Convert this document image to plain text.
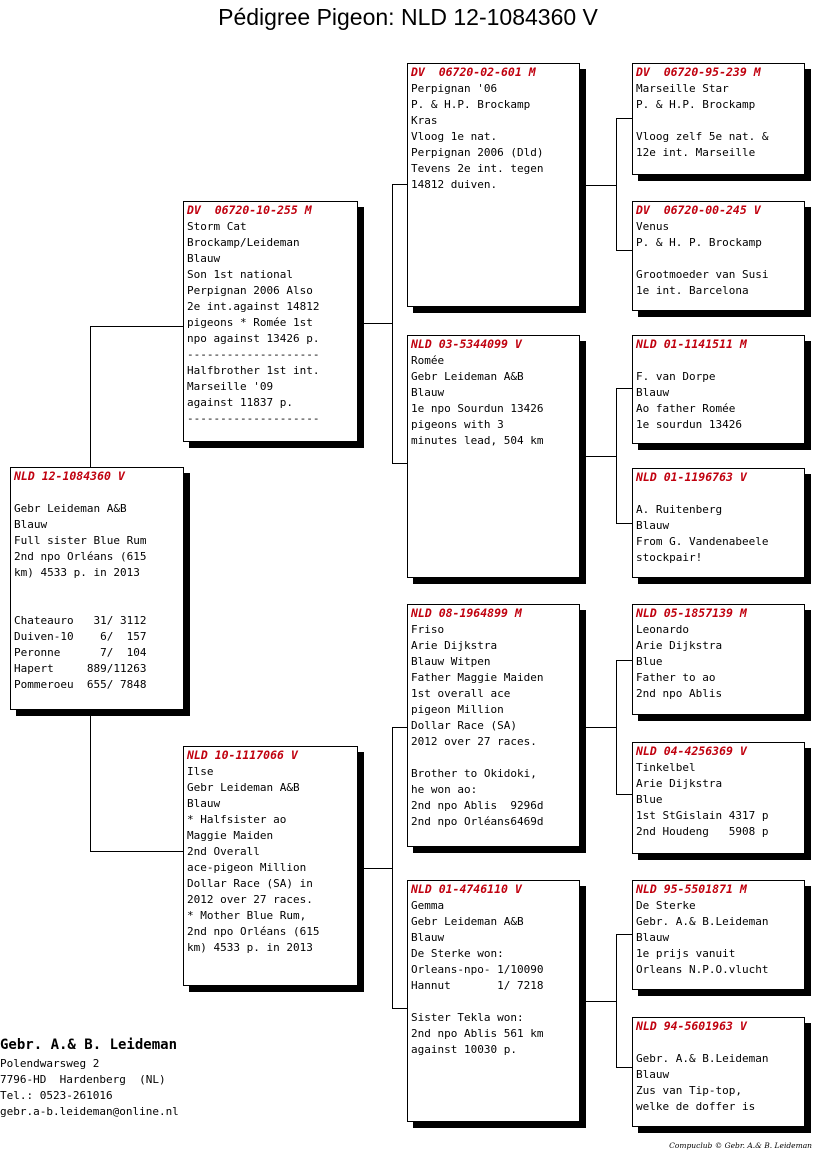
Pédigree Pigeon: NLD 12-1084360 V
NLD 12-1084360 V
Gebr Leideman A&B
Blauw
Full sister Blue Rum
2nd npo Orléans (615
km) 4533 p. in 2013
Chateauro   31/ 3112
Duiven-10    6/  157
Peronne      7/  104
Hapert     889/11263
Pommeroeu  655/ 7848
DV  06720-10-255 M
Storm Cat
Brockamp/Leideman
Blauw
Son 1st national
Perpignan 2006 Also
2e int.against 14812
pigeons * Romée 1st
npo against 13426 p.
--------------------
Halfbrother 1st int.
Marseille '09
against 11837 p.
--------------------
NLD 10-1117066 V
Ilse
Gebr Leideman A&B
Blauw
* Halfsister ao
Maggie Maiden
2nd Overall
ace-pigeon Million
Dollar Race (SA) in
2012 over 27 races.
* Mother Blue Rum,
2nd npo Orléans (615
km) 4533 p. in 2013
DV  06720-02-601 M
Perpignan '06
P. & H.P. Brockamp
Kras
Vloog 1e nat.
Perpignan 2006 (Dld)
Tevens 2e int. tegen
14812 duiven.
NLD 03-5344099 V
Romée
Gebr Leideman A&B
Blauw
1e npo Sourdun 13426
pigeons with 3
minutes lead, 504 km
NLD 08-1964899 M
Friso
Arie Dijkstra
Blauw Witpen
Father Maggie Maiden
1st overall ace
pigeon Million
Dollar Race (SA)
2012 over 27 races.
Brother to Okidoki,
he won ao:
2nd npo Ablis  9296d
2nd npo Orléans6469d
NLD 01-4746110 V
Gemma
Gebr Leideman A&B
Blauw
De Sterke won:
Orleans-npo- 1/10090
Hannut       1/ 7218
Sister Tekla won:
2nd npo Ablis 561 km
against 10030 p.
DV  06720-95-239 M
Marseille Star
P. & H.P. Brockamp
Vloog zelf 5e nat. &
12e int. Marseille
DV  06720-00-245 V
Venus
P. & H. P. Brockamp
Grootmoeder van Susi
1e int. Barcelona
NLD 01-1141511 M
F. van Dorpe
Blauw
Ao father Romée
1e sourdun 13426
NLD 01-1196763 V
A. Ruitenberg
Blauw
From G. Vandenabeele
stockpair!
NLD 05-1857139 M
Leonardo
Arie Dijkstra
Blue
Father to ao
2nd npo Ablis
NLD 04-4256369 V
Tinkelbel
Arie Dijkstra
Blue
1st StGislain 4317 p
2nd Houdeng   5908 p
NLD 95-5501871 M
De Sterke
Gebr. A.& B.Leideman
Blauw
1e prijs vanuit
Orleans N.P.O.vlucht
NLD 94-5601963 V
Gebr. A.& B.Leideman
Blauw
Zus van Tip-top,
welke de doffer is
Gebr. A.& B. Leideman
Polendwarsweg 2
7796-HD  Hardenberg  (NL)
Tel.: 0523-261016
gebr.a-b.leideman@online.nl
Compuclub © Gebr. A.& B. Leideman
